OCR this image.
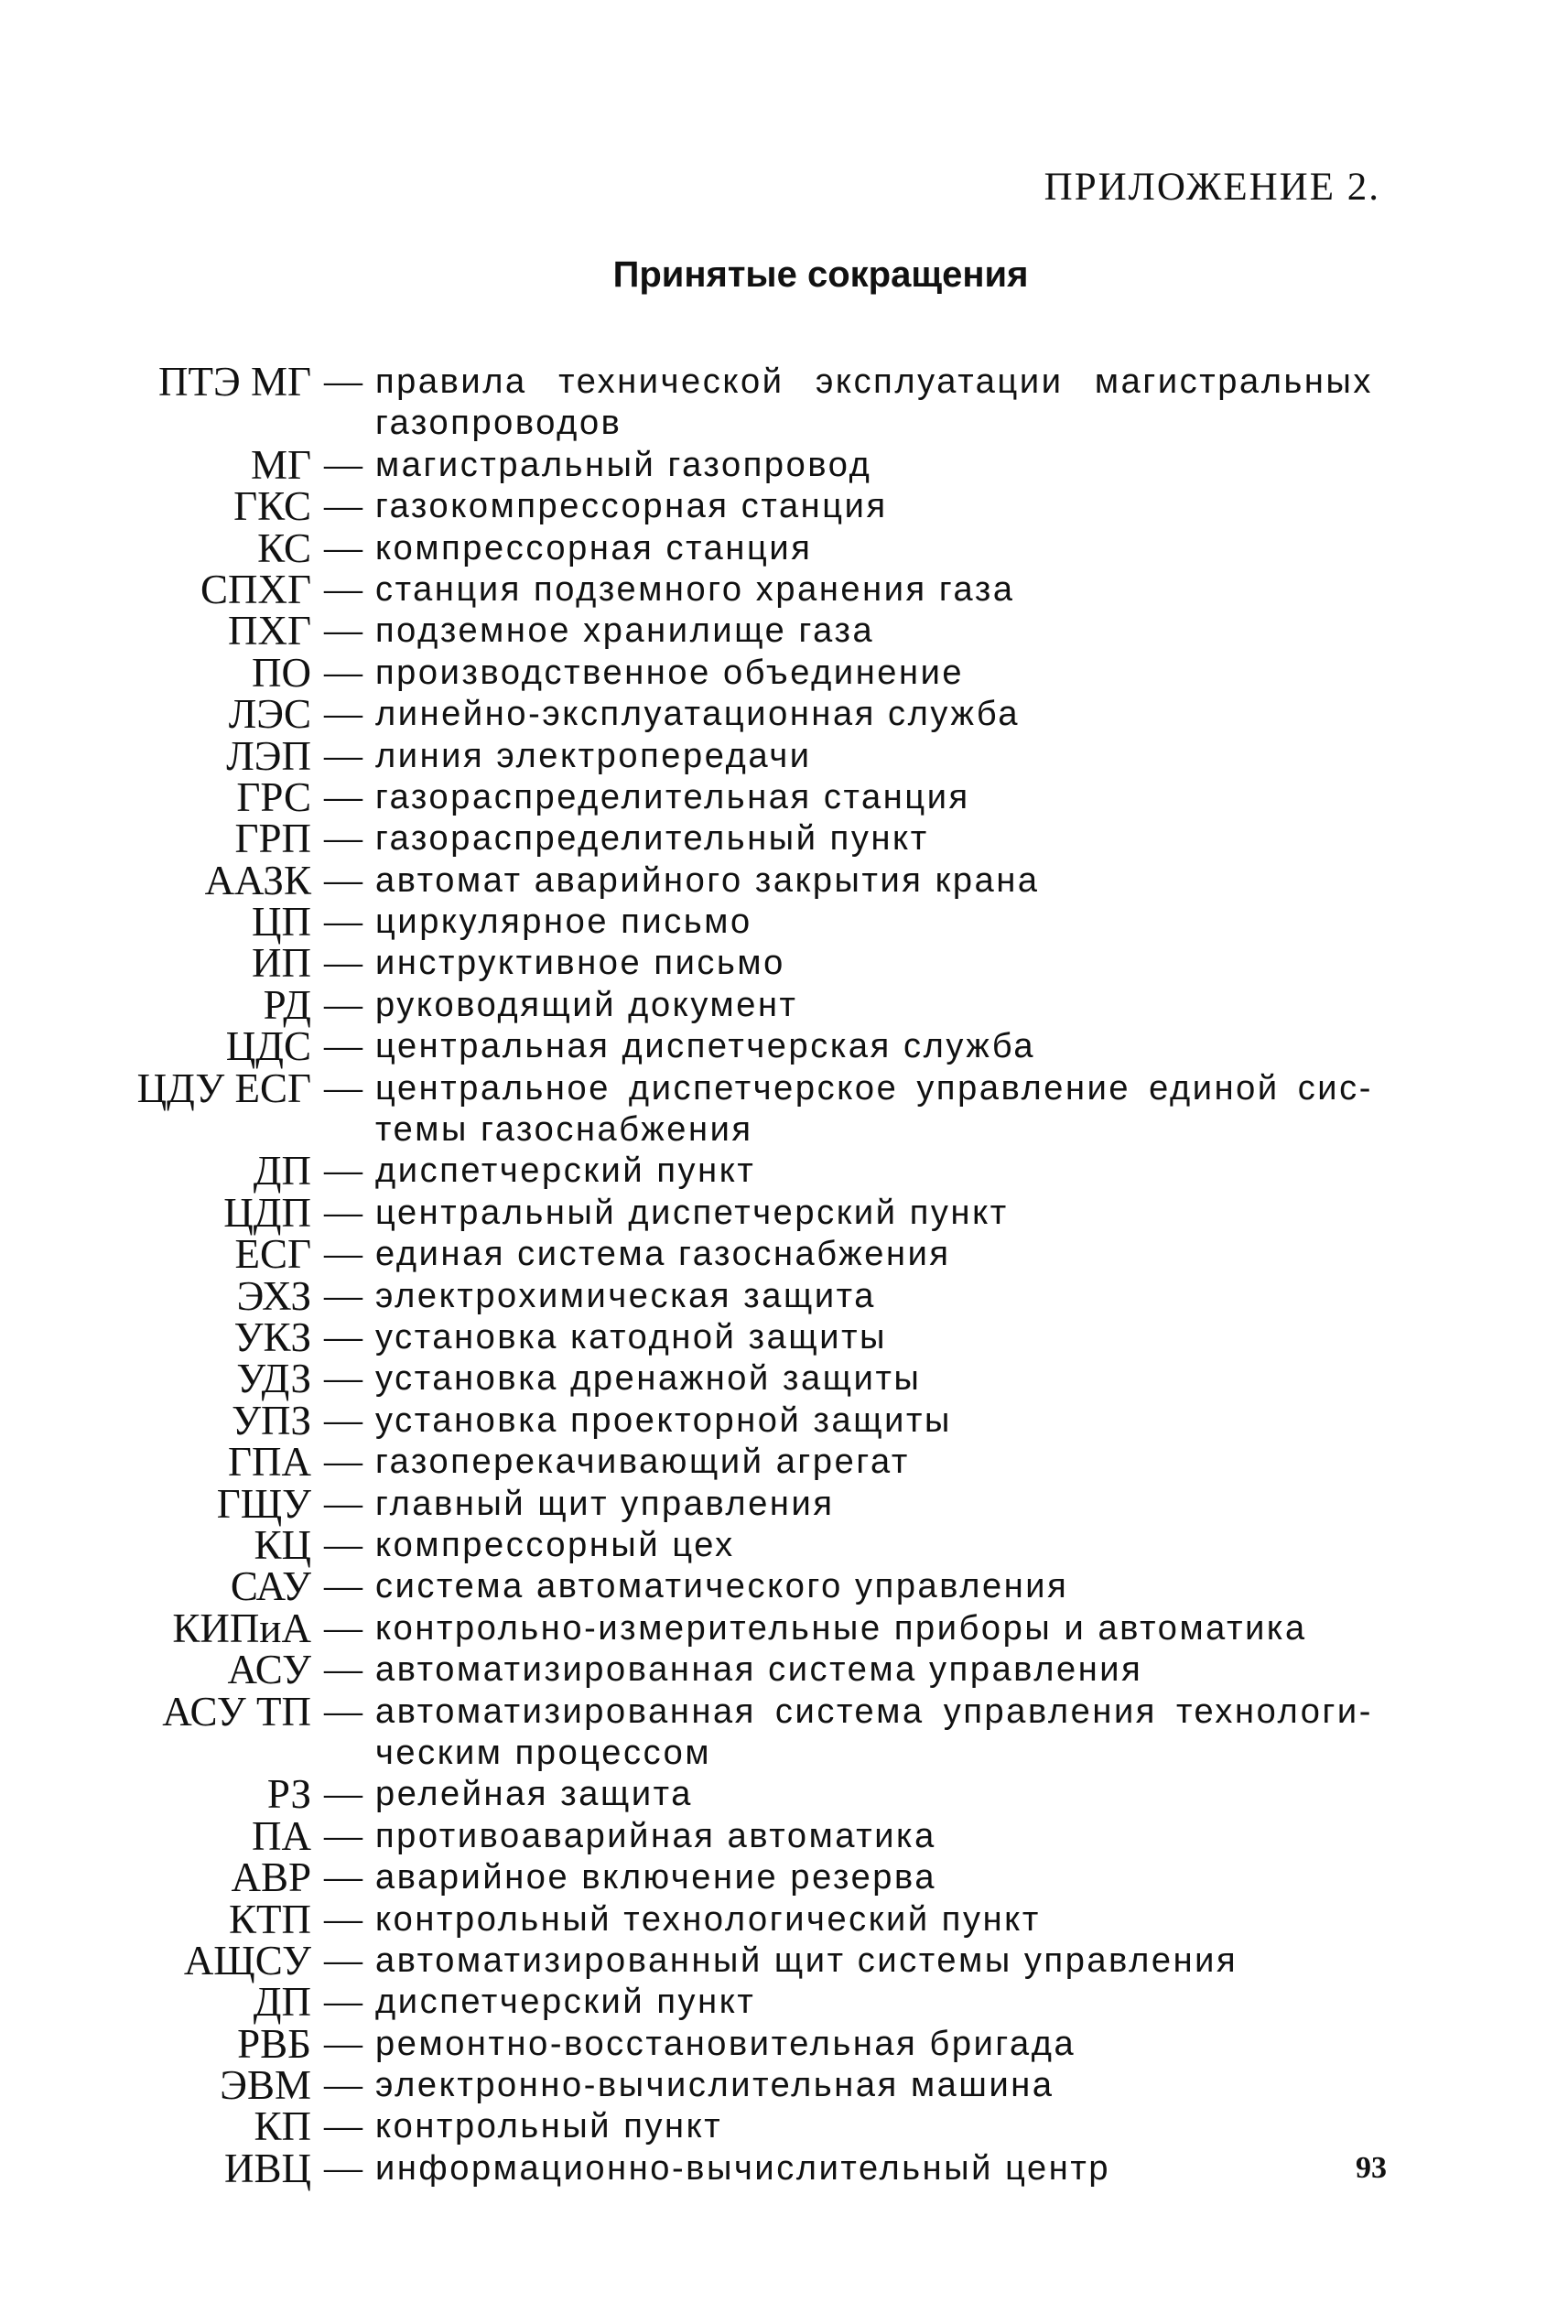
ПРИЛОЖЕНИЕ 2.
Принятые сокращения
ПТЭ МГ — правила технической эксплуатации магистральных
газопроводов
МГ — магистральный газопровод
ГКС — газокомпрессорная станция
КС — компрессорная станция
СПХГ — станция подземного хранения газа
ПХГ — подземное хранилище газа
ПО — производственное объединение
ЛЭС — линейно-эксплуатационная служба
ЛЭП — линия электропередачи
ГРС — газораспределительная станция
ГРП — газораспределительный пункт
ААЗК — автомат аварийного закрытия крана
ЦП — циркулярное письмо
ИП — инструктивное письмо
РД — руководящий документ
ЦДС — центральная диспетчерская служба
ЦДУ ЕСГ — центральное диспетчерское управление единой сис-
темы газоснабжения
ДП — диспетчерский пункт
ЦДП — центральный диспетчерский пункт
ЕСГ — единая система газоснабжения
ЭХЗ — электрохимическая защита
УКЗ — установка катодной защиты
УДЗ — установка дренажной защиты
УПЗ — установка проекторной защиты
ГПА — газоперекачивающий агрегат
ГЩУ — главный щит управления
КЦ — компрессорный цех
САУ — система автоматического управления
КИПиА — контрольно-измерительные приборы и автоматика
АСУ — автоматизированная система управления
АСУ ТП — автоматизированная система управления технологи-
ческим процессом
РЗ — релейная защита
ПА — противоаварийная автоматика
АВР — аварийное включение резерва
КТП — контрольный технологический пункт
АЩСУ — автоматизированный щит системы управления
ДП — диспетчерский пункт
РВБ — ремонтно-восстановительная бригада
ЭВМ — электронно-вычислительная машина
КП — контрольный пункт
ИВЦ — информационно-вычислительный центр	93
